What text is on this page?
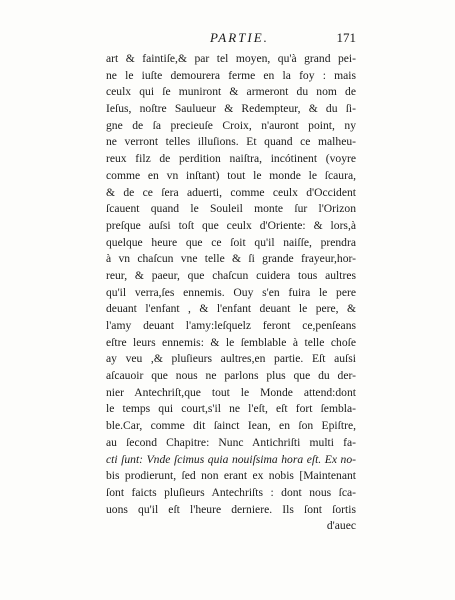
PARTIE.	171
art & faintiſe,& par tel moyen, qu'à grand pei-
ne le iuſte demourera ferme en la foy : mais
ceulx qui ſe muniront & armeront du nom de
Ieſus, noſtre Saulueur & Redempteur, & du ſi-
gne de ſa precieuſe Croix, n'auront point, ny
ne verront telles illuſions. Et quand ce malheu-
reux filz de perdition naiſtra, incótinent (voyre
comme en vn inſtant) tout le monde le ſcaura,
& de ce ſera aduerti, comme ceulx d'Occident
ſcauent quand le Souleil monte ſur l'Orizon
preſque auſsi toſt que ceulx d'Oriente: & lors,à
quelque heure que ce ſoit qu'il naiſſe, prendra
à vn chaſcun vne telle & ſi grande frayeur,hor-
reur, & paeur, que chaſcun cuidera tous aultres
qu'il verra,ſes ennemis. Ouy s'en fuira le pere
deuant l'enfant , & l'enfant deuant le pere, &
l'amy deuant l'amy:leſquelz feront ce,penſeans
eſtre leurs ennemis: & le ſemblable à telle choſe
ay veu ,& pluſieurs aultres,en partie. Eſt auſsi
aſcauoir que nous ne parlons plus que du der-
nier Antechriſt,que tout le Monde attend:dont
le temps qui court,s'il ne l'eſt, eſt fort ſembla-
ble.Car, comme dit ſainct Iean, en ſon Epiſtre,
au ſecond Chapitre: Nunc Antichriſti multi fa-
cti ſunt: Vnde ſcimus quia nouiſsima hora eſt. Ex no-
bis prodierunt, ſed non erant ex nobis [Maintenant
ſont faicts pluſieurs Antechriſts : dont nous ſca-
uons qu'il eſt l'heure derniere. Ils ſont ſortis
d'auec
